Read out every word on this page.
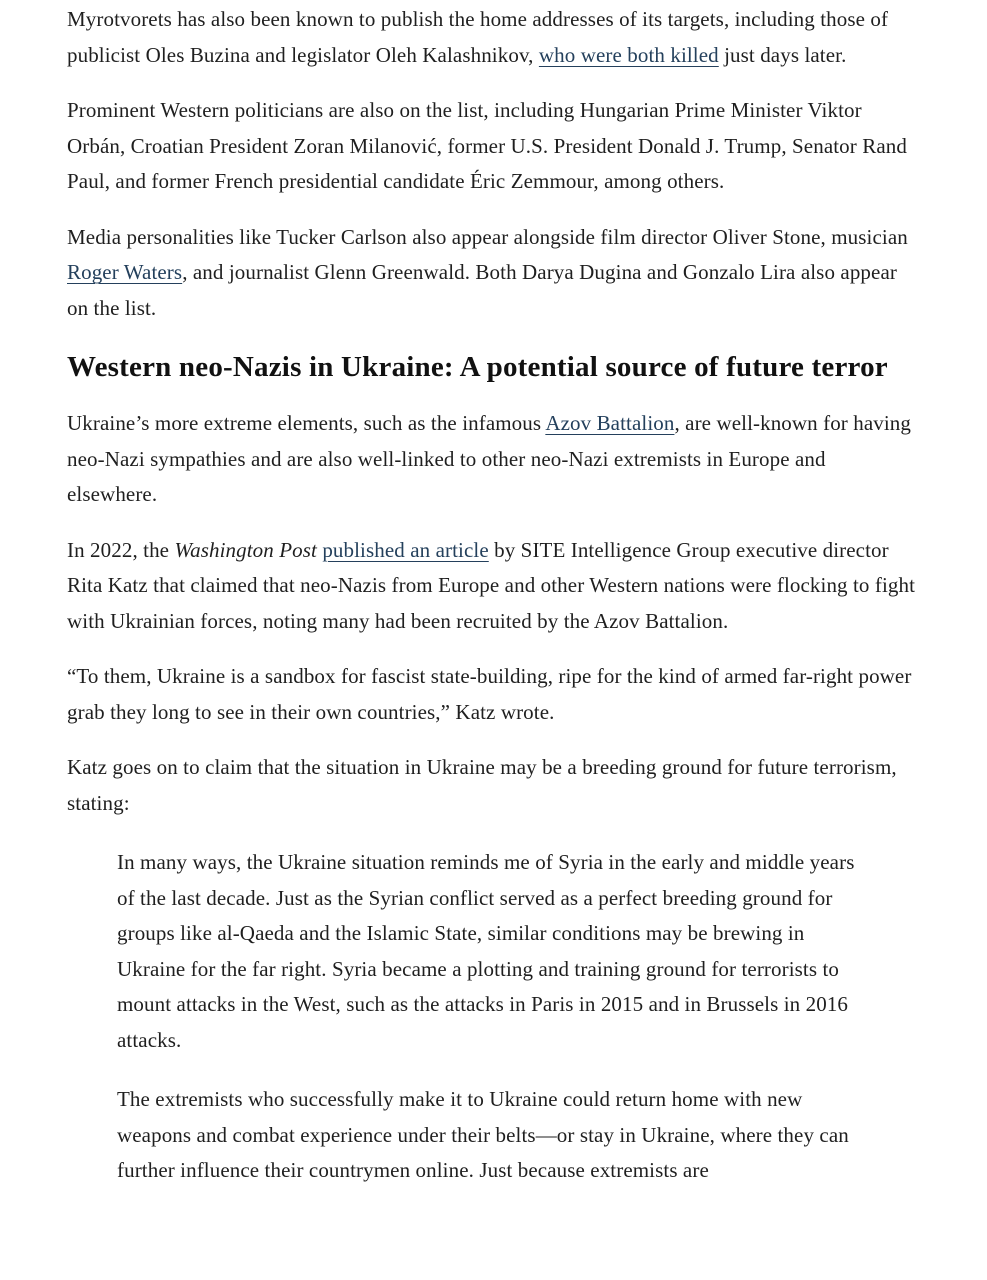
Myrotvorets has also been known to publish the home addresses of its targets, including those of publicist Oles Buzina and legislator Oleh Kalashnikov, who were both killed just days later.

Prominent Western politicians are also on the list, including Hungarian Prime Minister Viktor Orbán, Croatian President Zoran Milanović, former U.S. President Donald J. Trump, Senator Rand Paul, and former French presidential candidate Éric Zemmour, among others.

Media personalities like Tucker Carlson also appear alongside film director Oliver Stone, musician Roger Waters, and journalist Glenn Greenwald. Both Darya Dugina and Gonzalo Lira also appear on the list.

Western neo-Nazis in Ukraine: A potential source of future terror

Ukraine’s more extreme elements, such as the infamous Azov Battalion, are well-known for having neo-Nazi sympathies and are also well-linked to other neo-Nazi extremists in Europe and elsewhere.

In 2022, the Washington Post published an article by SITE Intelligence Group executive director Rita Katz that claimed that neo-Nazis from Europe and other Western nations were flocking to fight with Ukrainian forces, noting many had been recruited by the Azov Battalion.

“To them, Ukraine is a sandbox for fascist state-building, ripe for the kind of armed far-right power grab they long to see in their own countries,” Katz wrote.

Katz goes on to claim that the situation in Ukraine may be a breeding ground for future terrorism, stating:

In many ways, the Ukraine situation reminds me of Syria in the early and middle years of the last decade. Just as the Syrian conflict served as a perfect breeding ground for groups like al-Qaeda and the Islamic State, similar conditions may be brewing in Ukraine for the far right. Syria became a plotting and training ground for terrorists to mount attacks in the West, such as the attacks in Paris in 2015 and in Brussels in 2016 attacks.

The extremists who successfully make it to Ukraine could return home with new weapons and combat experience under their belts—or stay in Ukraine, where they can further influence their countrymen online. Just because extremists are
